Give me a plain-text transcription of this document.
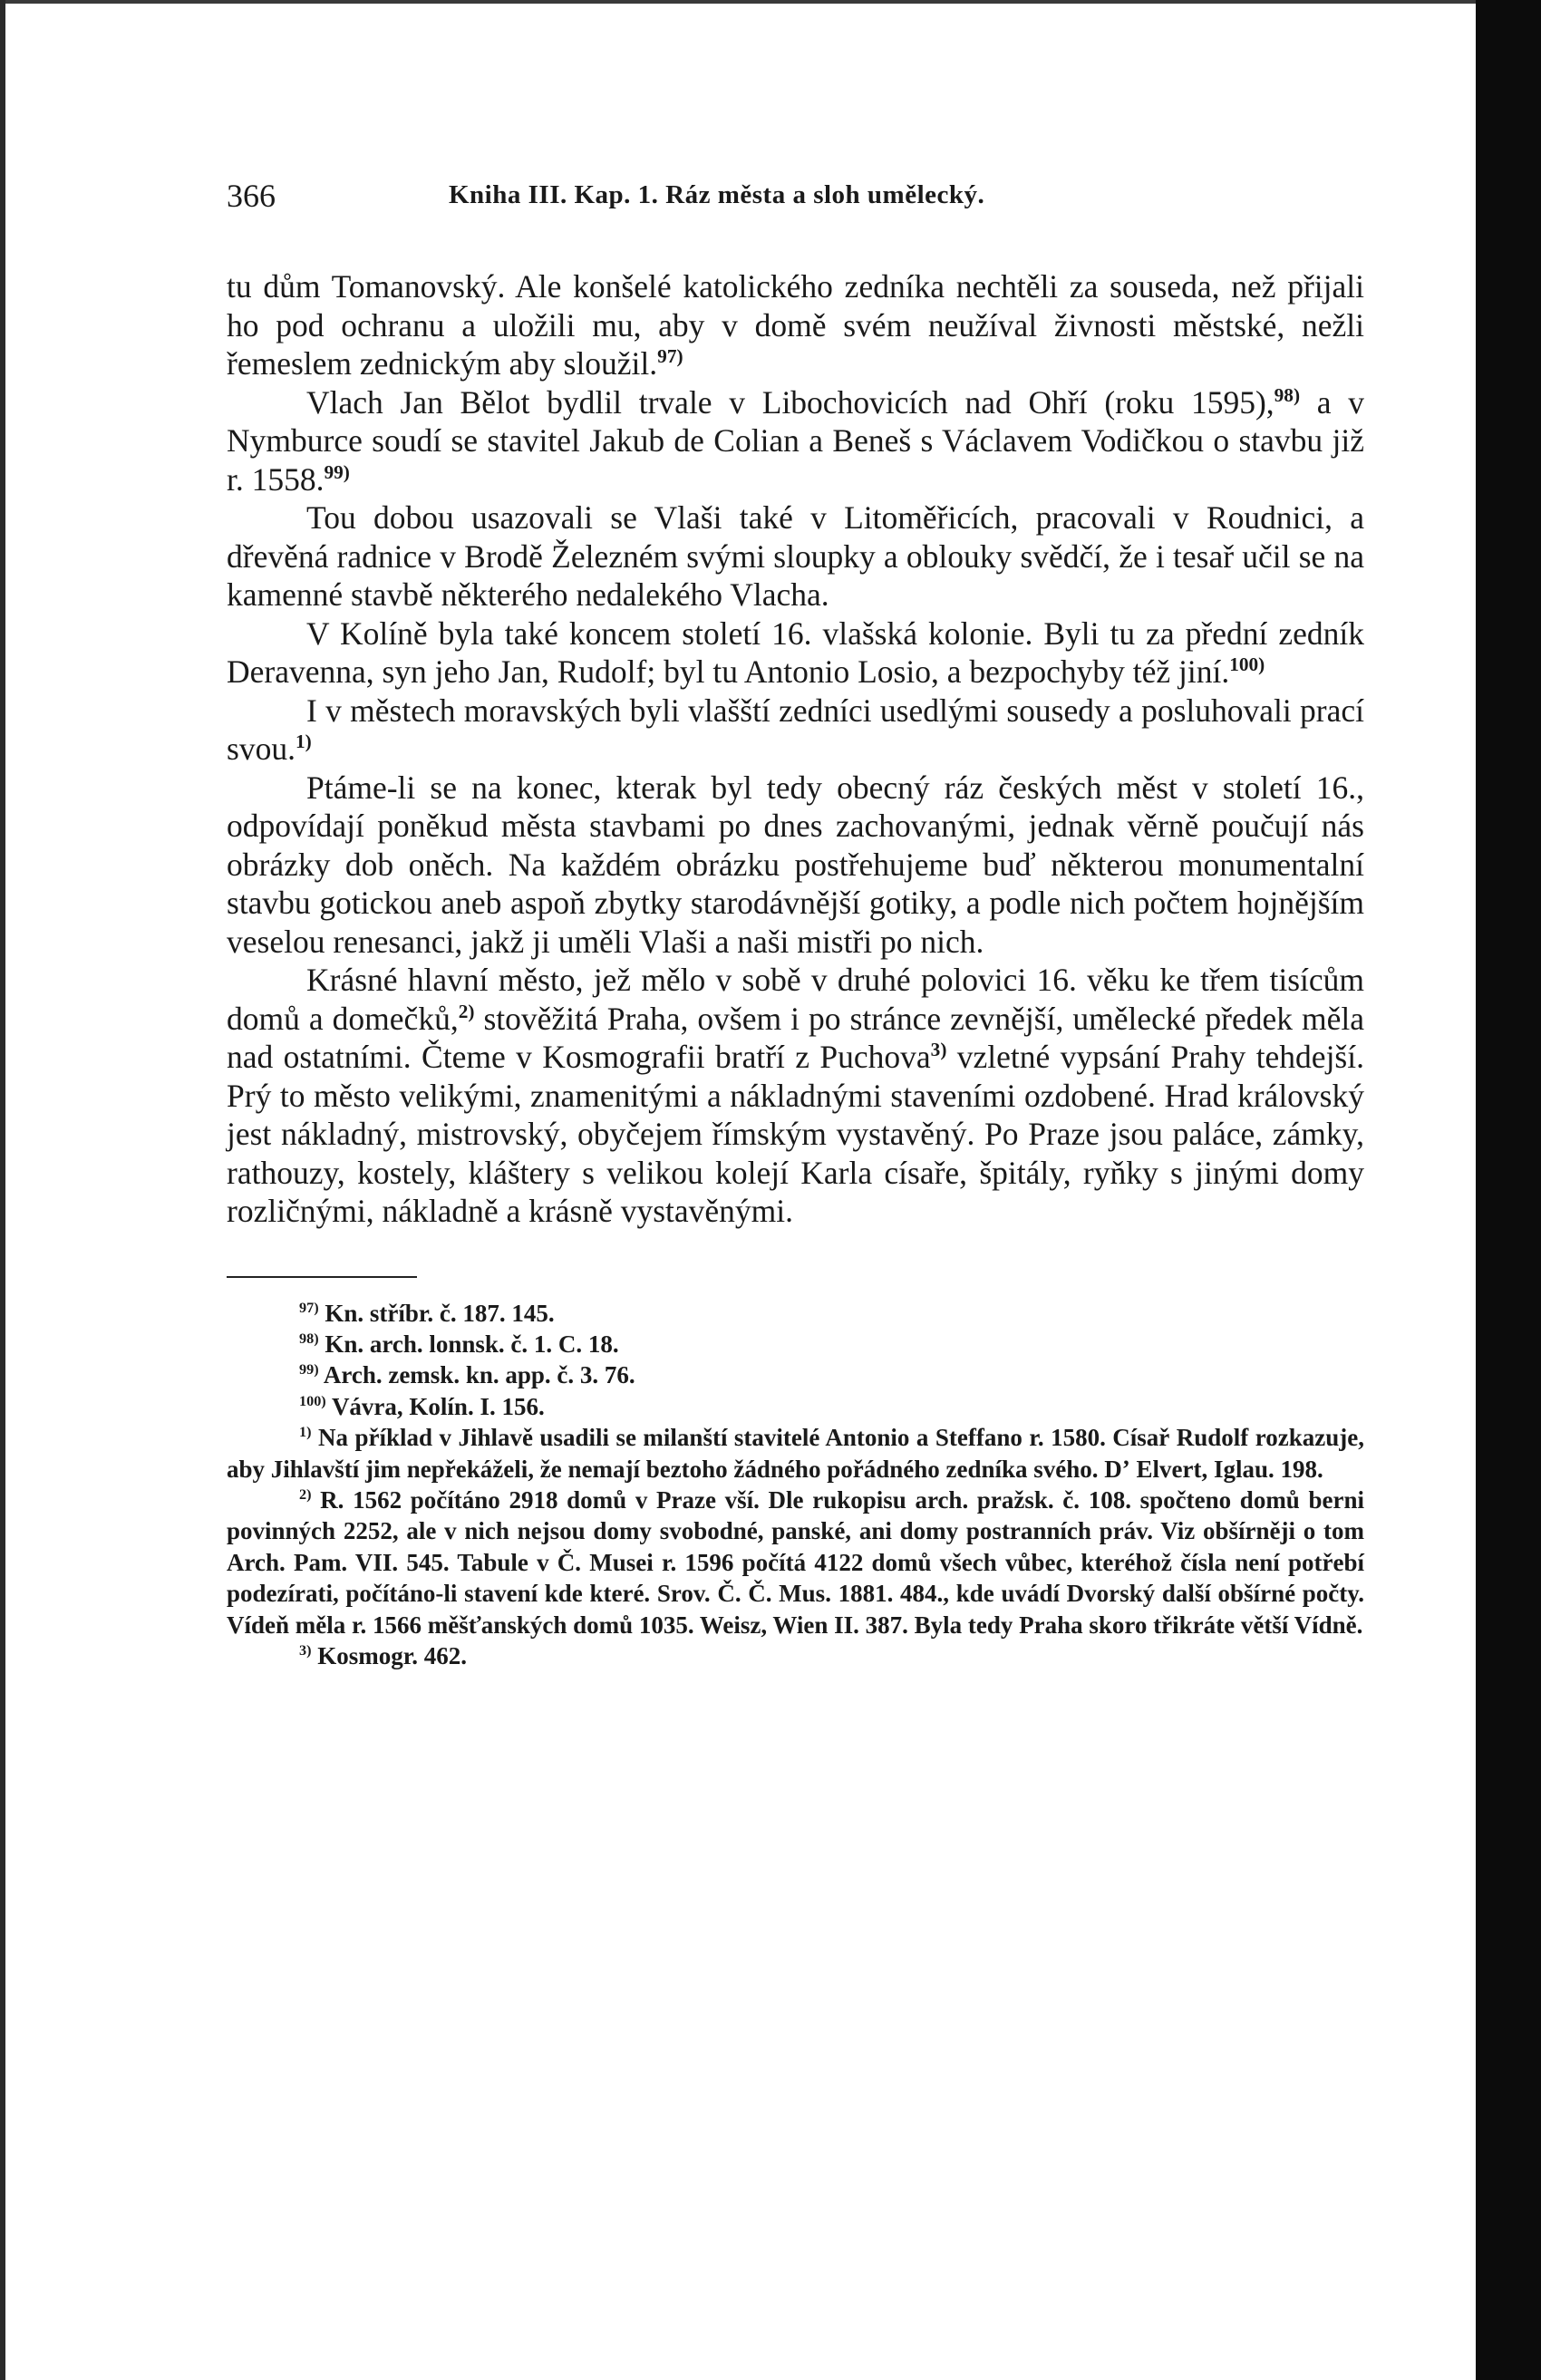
366	Kniha III. Kap. 1. Ráz města a sloh umělecký.

tu dům Tomanovský. Ale konšelé katolického zedníka nechtěli za souseda, než přijali ho pod ochranu a uložili mu, aby v domě svém neužíval živnosti městské, nežli řemeslem zednickým aby sloužil.$^{97)}$

Vlach Jan Bělot bydlil trvale v Libochovicích nad Ohří (roku 1595),$^{98)}$ a v Nymburce soudí se stavitel Jakub de Colian a Beneš s Václavem Vodičkou o stavbu již r. 1558.$^{99)}$

Tou dobou usazovali se Vlaši také v Litoměřicích, pracovali v Roudnici, a dřevěná radnice v Brodě Železném svými sloupky a oblouky svědčí, že i tesař učil se na kamenné stavbě některého nedalekého Vlacha.

V Kolíně byla také koncem století 16. vlašská kolonie. Byli tu za přední zedník Deravenna, syn jeho Jan, Rudolf; byl tu Antonio Losio, a bezpochyby též jiní.$^{100)}$

I v městech moravských byli vlašští zedníci usedlými sousedy a posluhovali prací svou.$^{1)}$

Ptáme-li se na konec, kterak byl tedy obecný ráz českých měst v století 16., odpovídají poněkud města stavbami po dnes zachovanými, jednak věrně poučují nás obrázky dob oněch. Na každém obrázku postřehujeme buď některou monumentalní stavbu gotickou aneb aspoň zbytky starodávnější gotiky, a podle nich počtem hojnějším veselou renesanci, jakž ji uměli Vlaši a naši mistři po nich.

Krásné hlavní město, jež mělo v sobě v druhé polovici 16. věku ke třem tisícům domů a domečků,$^{2)}$ stověžitá Praha, ovšem i po stránce zevnější, umělecké předek měla nad ostatními. Čteme v Kosmografii bratří z Puchova$^{3)}$ vzletné vypsání Prahy tehdejší. Prý to město velikými, znamenitými a nákladnými staveními ozdobené. Hrad královský jest nákladný, mistrovský, obyčejem římským vystavěný. Po Praze jsou paláce, zámky, rathouzy, kostely, kláštery s velikou kolejí Karla císaře, špitály, ryňky s jinými domy rozličnými, nákladně a krásně vystavěnými.

$^{97)}$ Kn. stříbr. č. 187. 145.

$^{98)}$ Kn. arch. lonnsk. č. 1. C. 18.

$^{99)}$ Arch. zemsk. kn. app. č. 3. 76.

$^{100)}$ Vávra, Kolín. I. 156.

$^{1)}$ Na příklad v Jihlavě usadili se milanští stavitelé Antonio a Steffano r. 1580. Císař Rudolf rozkazuje, aby Jihlavští jim nepřekáželi, že nemají beztoho žádného pořádného zedníka svého. Dʼ Elvert, Iglau. 198.

$^{2)}$ R. 1562 počítáno 2918 domů v Praze vší. Dle rukopisu arch. pražsk. č. 108. spočteno domů berni povinných 2252, ale v nich nejsou domy svobodné, panské, ani domy postranních práv. Viz obšírněji o tom Arch. Pam. VII. 545. Tabule v Č. Musei r. 1596 počítá 4122 domů všech vůbec, kteréhož čísla není potřebí podezírati, počítáno-li stavení kde které. Srov. Č. Č. Mus. 1881. 484., kde uvádí Dvorský další obšírné počty. Vídeň měla r. 1566 měšťanských domů 1035. Weisz, Wien II. 387. Byla tedy Praha skoro třikráte větší Vídně.

$^{3)}$ Kosmogr. 462.
